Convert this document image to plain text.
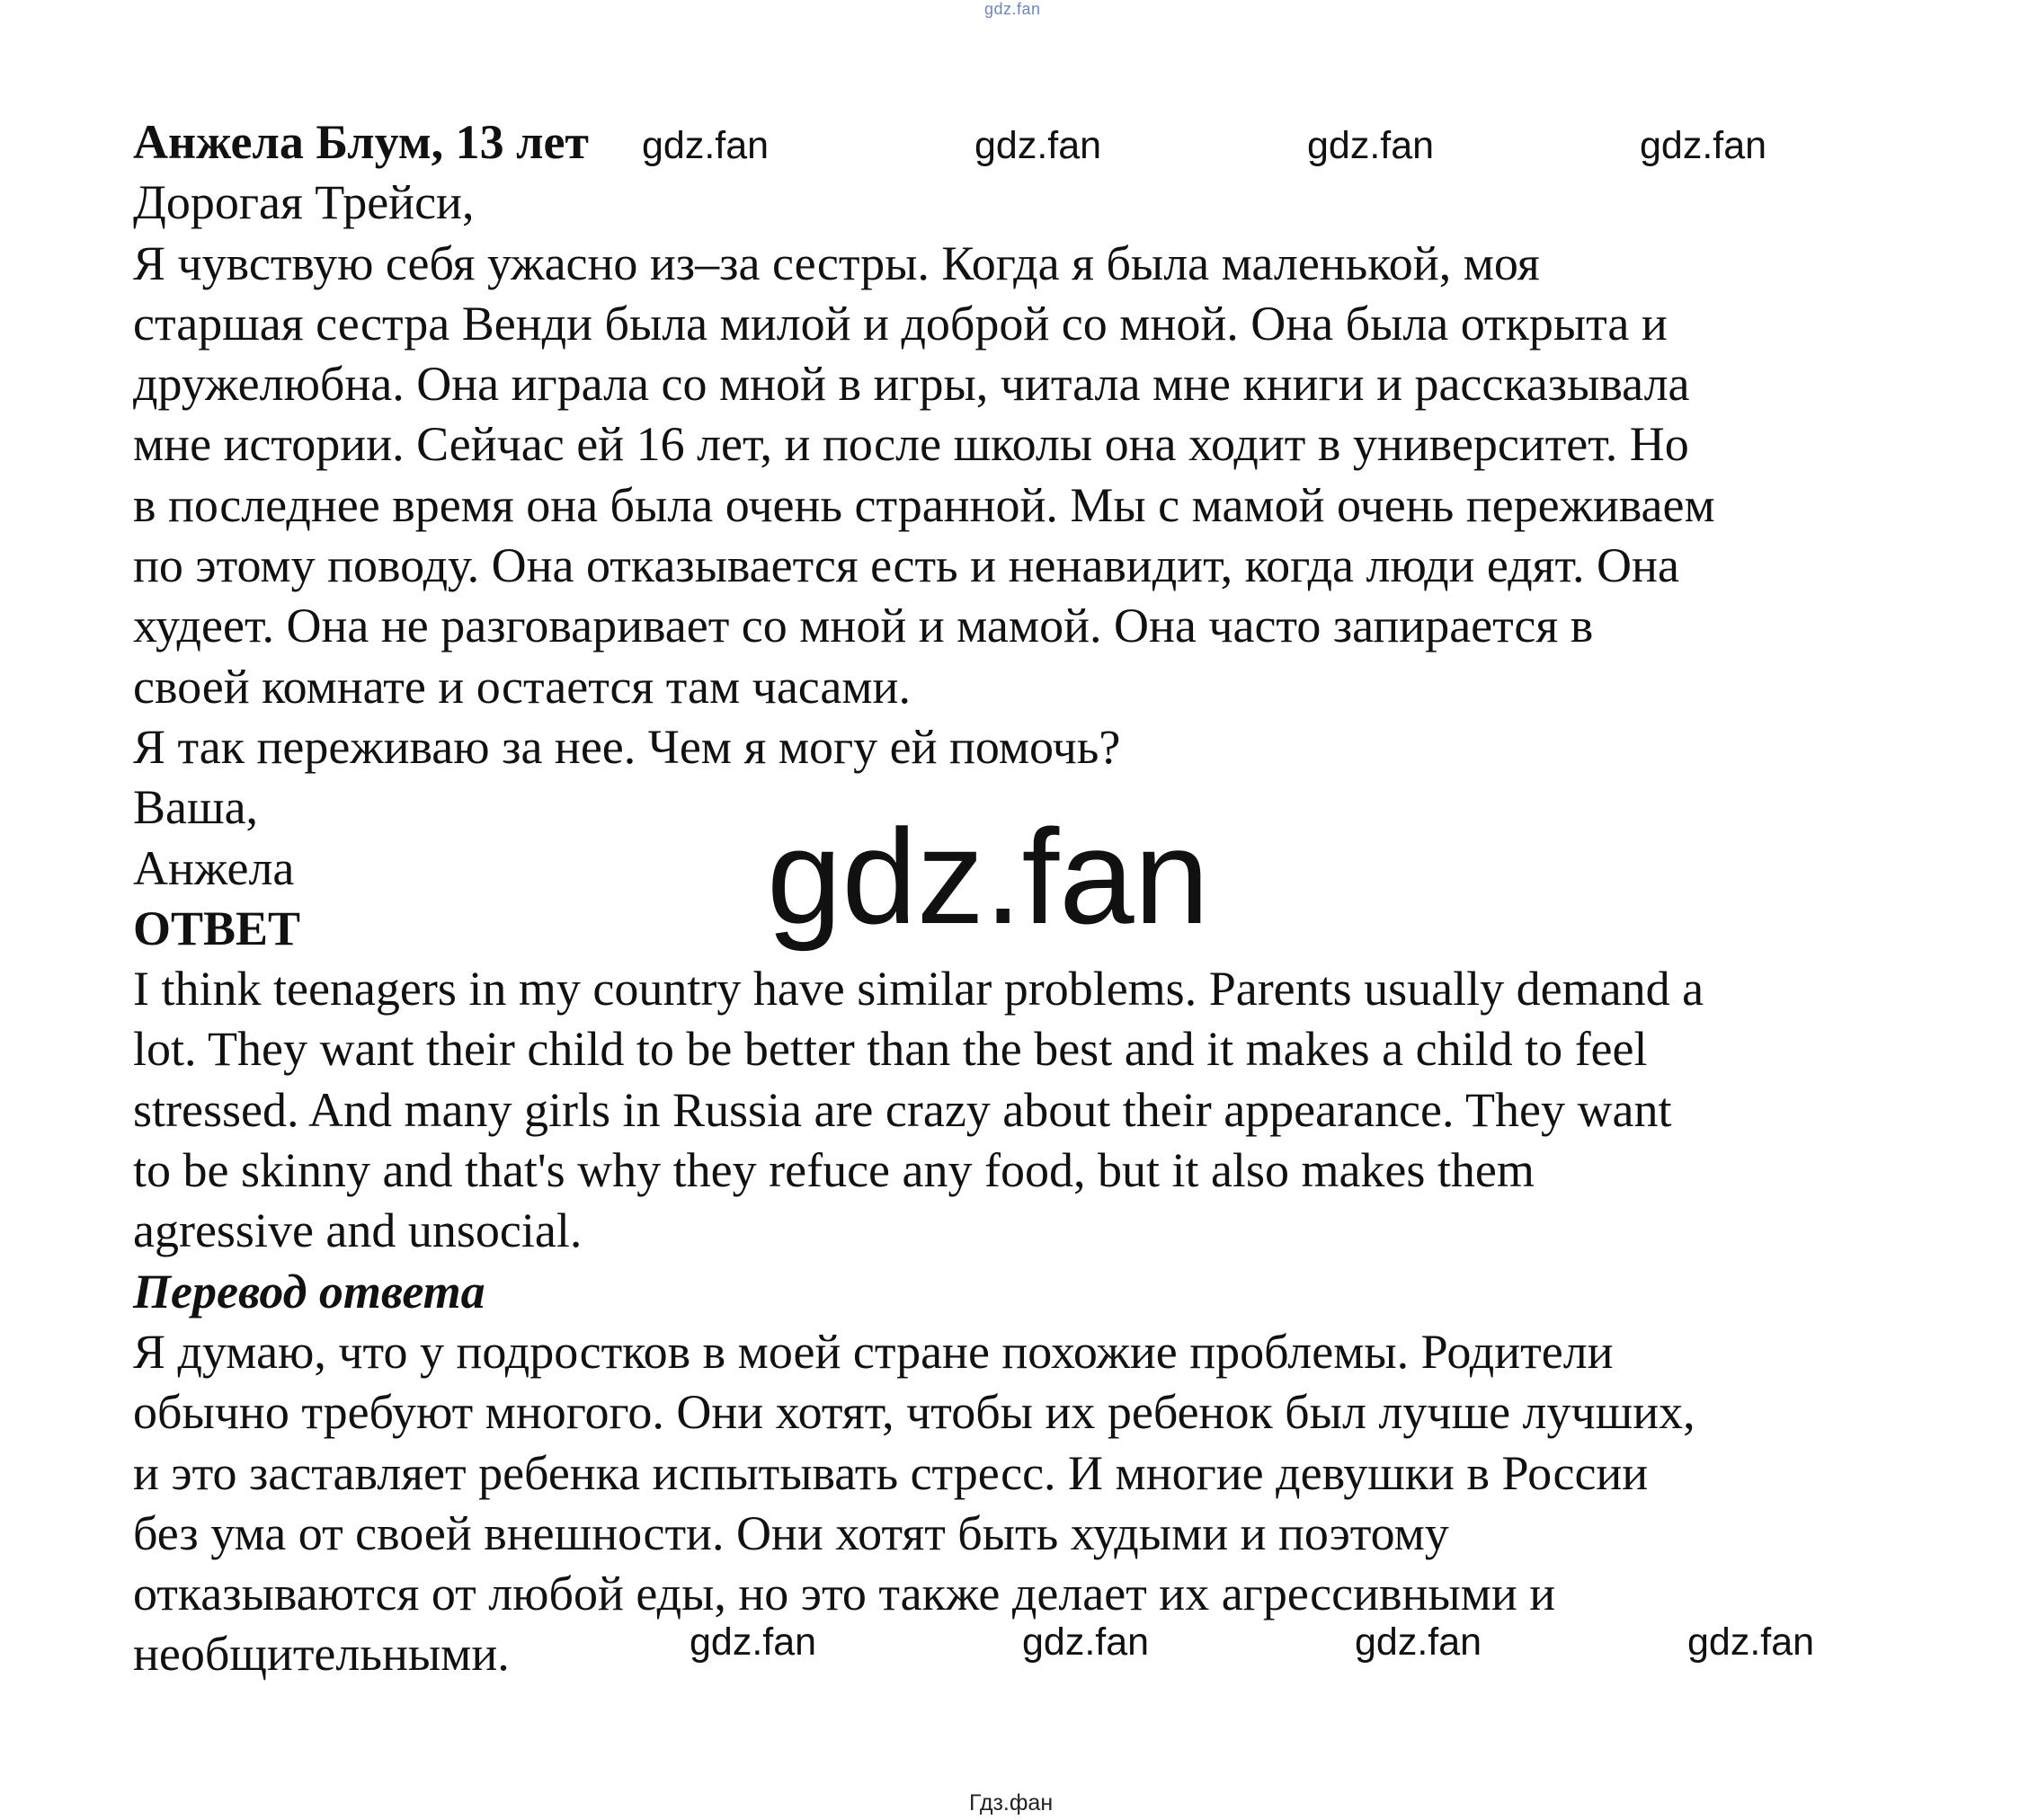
gdz.fan

Анжела Блум, 13 лет

Дорогая Трейси,

Я чувствую себя ужасно из–за сестры. Когда я была маленькой, моя

старшая сестра Венди была милой и доброй со мной. Она была открыта и

дружелюбна. Она играла со мной в игры, читала мне книги и рассказывала

мне истории. Сейчас ей 16 лет, и после школы она ходит в университет. Но

в последнее время она была очень странной. Мы с мамой очень переживаем

по этому поводу. Она отказывается есть и ненавидит, когда люди едят. Она

худеет. Она не разговаривает со мной и мамой. Она часто запирается в

своей комнате и остается там часами.

Я так переживаю за нее. Чем я могу ей помочь?

Ваша,

Анжела

ОТВЕТ

I think teenagers in my country have similar problems. Parents usually demand a

lot. They want their child to be better than the best and it makes a child to feel

stressed. And many girls in Russia are crazy about their appearance. They want

to be skinny and that's why they refuce any food, but it also makes them

agressive and unsocial.

Перевод ответа

Я думаю, что у подростков в моей стране похожие проблемы. Родители

обычно требуют многого. Они хотят, чтобы их ребенок был лучше лучших,

и это заставляет ребенка испытывать стресс. И многие девушки в России

без ума от своей внешности. Они хотят быть худыми и поэтому

отказываются от любой еды, но это также делает их агрессивными и

необщительными.

gdz.fan	gdz.fan	gdz.fan	gdz.fan
gdz.fan
gdz.fan	gdz.fan	gdz.fan	gdz.fan
Гдз.фан
